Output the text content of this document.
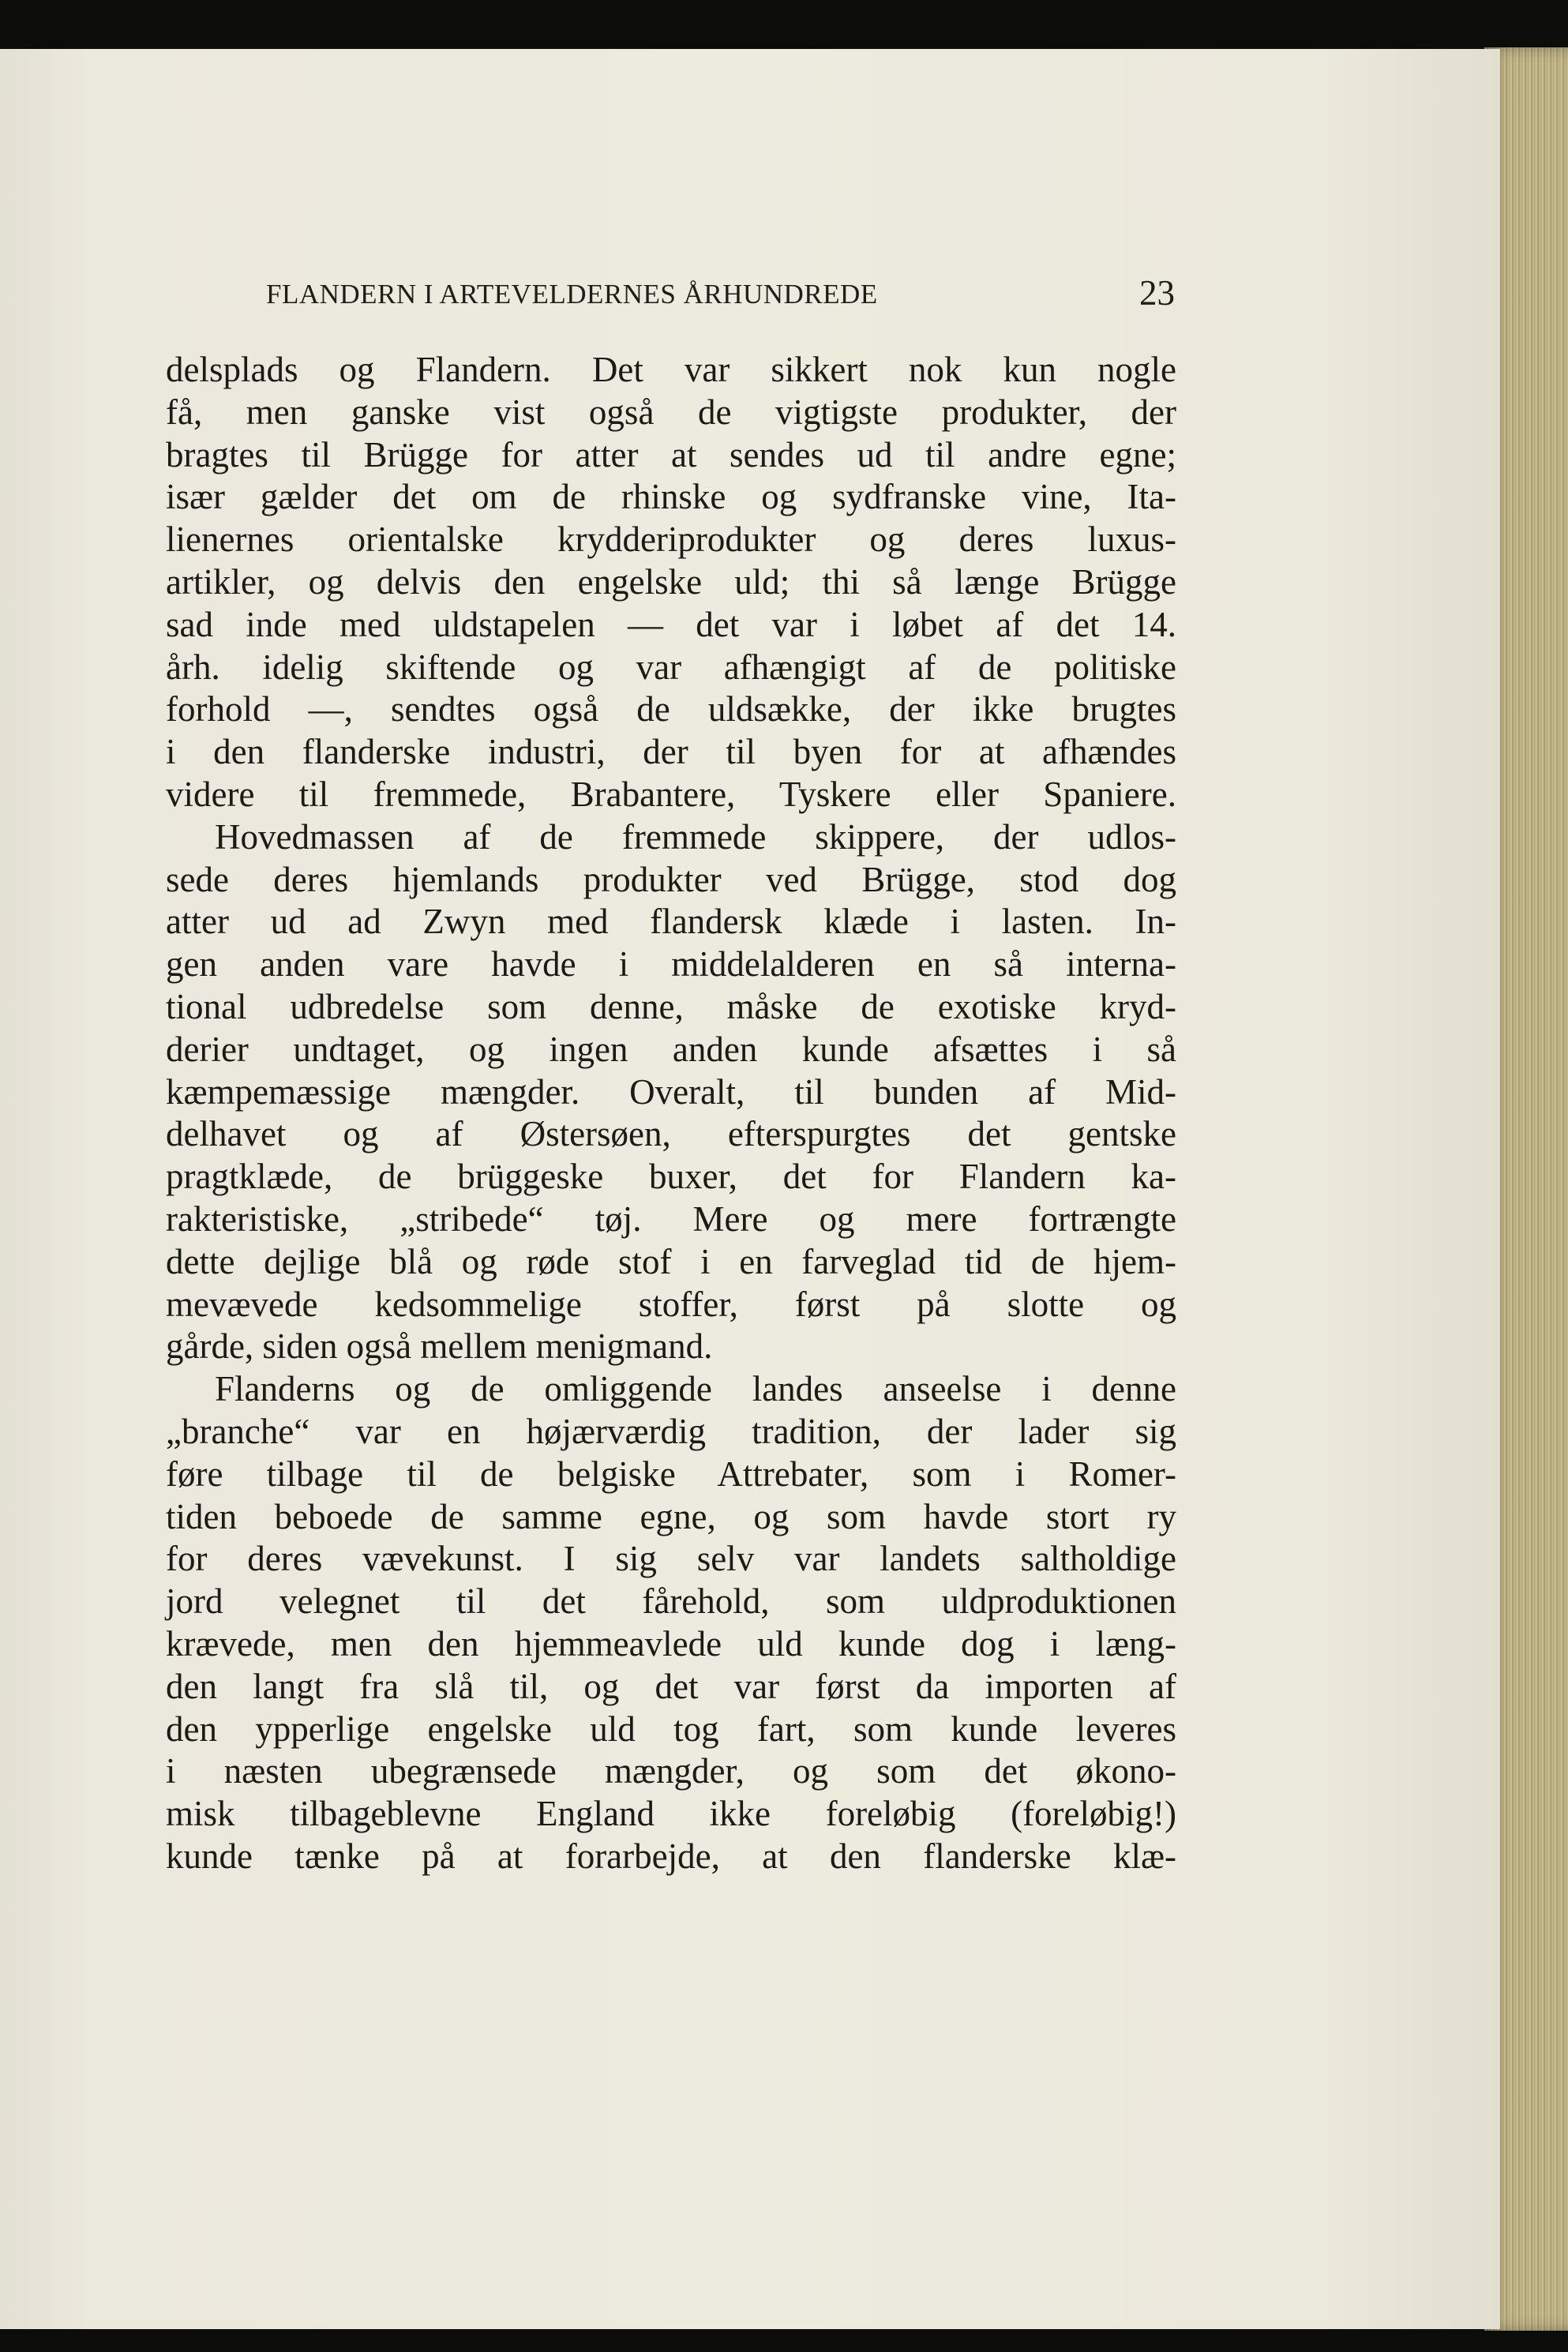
FLANDERN I ARTEVELDERNES ÅRHUNDREDE	23
delsplads og Flandern. Det var sikkert nok kun nogle
få, men ganske vist også de vigtigste produkter, der
bragtes til Brügge for atter at sendes ud til andre egne;
især gælder det om de rhinske og sydfranske vine, Ita-
lienernes orientalske krydderiprodukter og deres luxus-
artikler, og delvis den engelske uld; thi så længe Brügge
sad inde med uldstapelen — det var i løbet af det 14.
årh. idelig skiftende og var afhængigt af de politiske
forhold —, sendtes også de uldsække, der ikke brugtes
i den flanderske industri, der til byen for at afhændes
videre til fremmede, Brabantere, Tyskere eller Spaniere.
Hovedmassen af de fremmede skippere, der udlos-
sede deres hjemlands produkter ved Brügge, stod dog
atter ud ad Zwyn med flandersk klæde i lasten. In-
gen anden vare havde i middelalderen en så interna-
tional udbredelse som denne, måske de exotiske kryd-
derier undtaget, og ingen anden kunde afsættes i så
kæmpemæssige mængder. Overalt, til bunden af Mid-
delhavet og af Østersøen, efterspurgtes det gentske
pragtklæde, de brüggeske buxer, det for Flandern ka-
rakteristiske, „stribede“ tøj. Mere og mere fortrængte
dette dejlige blå og røde stof i en farveglad tid de hjem-
mevævede kedsommelige stoffer, først på slotte og
gårde, siden også mellem menigmand.
Flanderns og de omliggende landes anseelse i denne
„branche“ var en højærværdig tradition, der lader sig
føre tilbage til de belgiske Attrebater, som i Romer-
tiden beboede de samme egne, og som havde stort ry
for deres vævekunst. I sig selv var landets saltholdige
jord velegnet til det fårehold, som uldproduktionen
krævede, men den hjemmeavlede uld kunde dog i læng-
den langt fra slå til, og det var først da importen af
den ypperlige engelske uld tog fart, som kunde leveres
i næsten ubegrænsede mængder, og som det økono-
misk tilbageblevne England ikke foreløbig (foreløbig!)
kunde tænke på at forarbejde, at den flanderske klæ-
